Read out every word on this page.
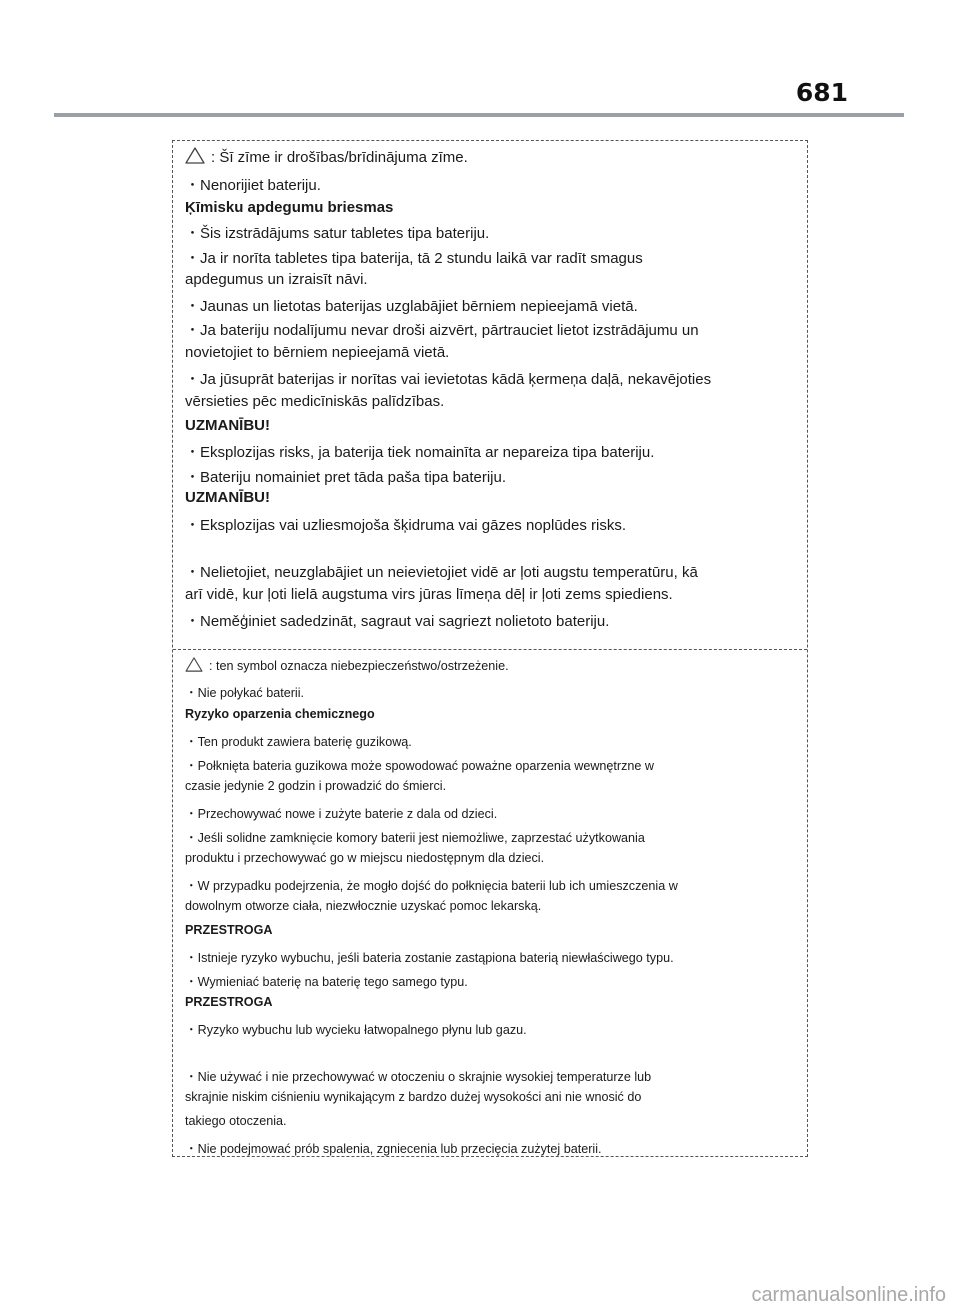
681
: Šī zīme ir drošības/brīdinājuma zīme.
・Nenorijiet bateriju.
Ķīmisku apdegumu briesmas
・Šis izstrādājums satur tabletes tipa bateriju.
・Ja ir norīta tabletes tipa baterija, tā 2 stundu laikā var radīt smagus
apdegumus un izraisīt nāvi.
・Jaunas un lietotas baterijas uzglabājiet bērniem nepieejamā vietā.
・Ja bateriju nodalījumu nevar droši aizvērt, pārtrauciet lietot izstrādājumu un
novietojiet to bērniem nepieejamā vietā.
・Ja jūsuprāt baterijas ir norītas vai ievietotas kādā ķermeņa daļā, nekavējoties
vērsieties pēc medicīniskās palīdzības.
UZMANĪBU!
・Eksplozijas risks, ja baterija tiek nomainīta ar nepareiza tipa bateriju.
・Bateriju nomainiet pret tāda paša tipa bateriju.
UZMANĪBU!
・Eksplozijas vai uzliesmojoša šķidruma vai gāzes noplūdes risks.
・Nelietojiet, neuzglabājiet un neievietojiet vidē ar ļoti augstu temperatūru, kā
arī vidē, kur ļoti lielā augstuma virs jūras līmeņa dēļ ir ļoti zems spiediens.
・Neměģiniet sadedzināt, sagraut vai sagriezt nolietoto bateriju.
: ten symbol oznacza niebezpieczeństwo/ostrzeżenie.
・Nie połykać baterii.
Ryzyko oparzenia chemicznego
・Ten produkt zawiera baterię guzikową.
・Połknięta bateria guzikowa może spowodować poważne oparzenia wewnętrzne w
czasie jedynie 2 godzin i prowadzić do śmierci.
・Przechowywać nowe i zużyte baterie z dala od dzieci.
・Jeśli solidne zamknięcie komory baterii jest niemożliwe, zaprzestać użytkowania
produktu i przechowywać go w miejscu niedostępnym dla dzieci.
・W przypadku podejrzenia, że mogło dojść do połknięcia baterii lub ich umieszczenia w
dowolnym otworze ciała, niezwłocznie uzyskać pomoc lekarską.
PRZESTROGA
・Istnieje ryzyko wybuchu, jeśli bateria zostanie zastąpiona baterią niewłaściwego typu.
・Wymieniać baterię na baterię tego samego typu.
PRZESTROGA
・Ryzyko wybuchu lub wycieku łatwopalnego płynu lub gazu.
・Nie używać i nie przechowywać w otoczeniu o skrajnie wysokiej temperaturze lub
skrajnie niskim ciśnieniu wynikającym z bardzo dużej wysokości ani nie wnosić do
takiego otoczenia.
・Nie podejmować prób spalenia, zgniecenia lub przecięcia zużytej baterii.
carmanualsonline.info
